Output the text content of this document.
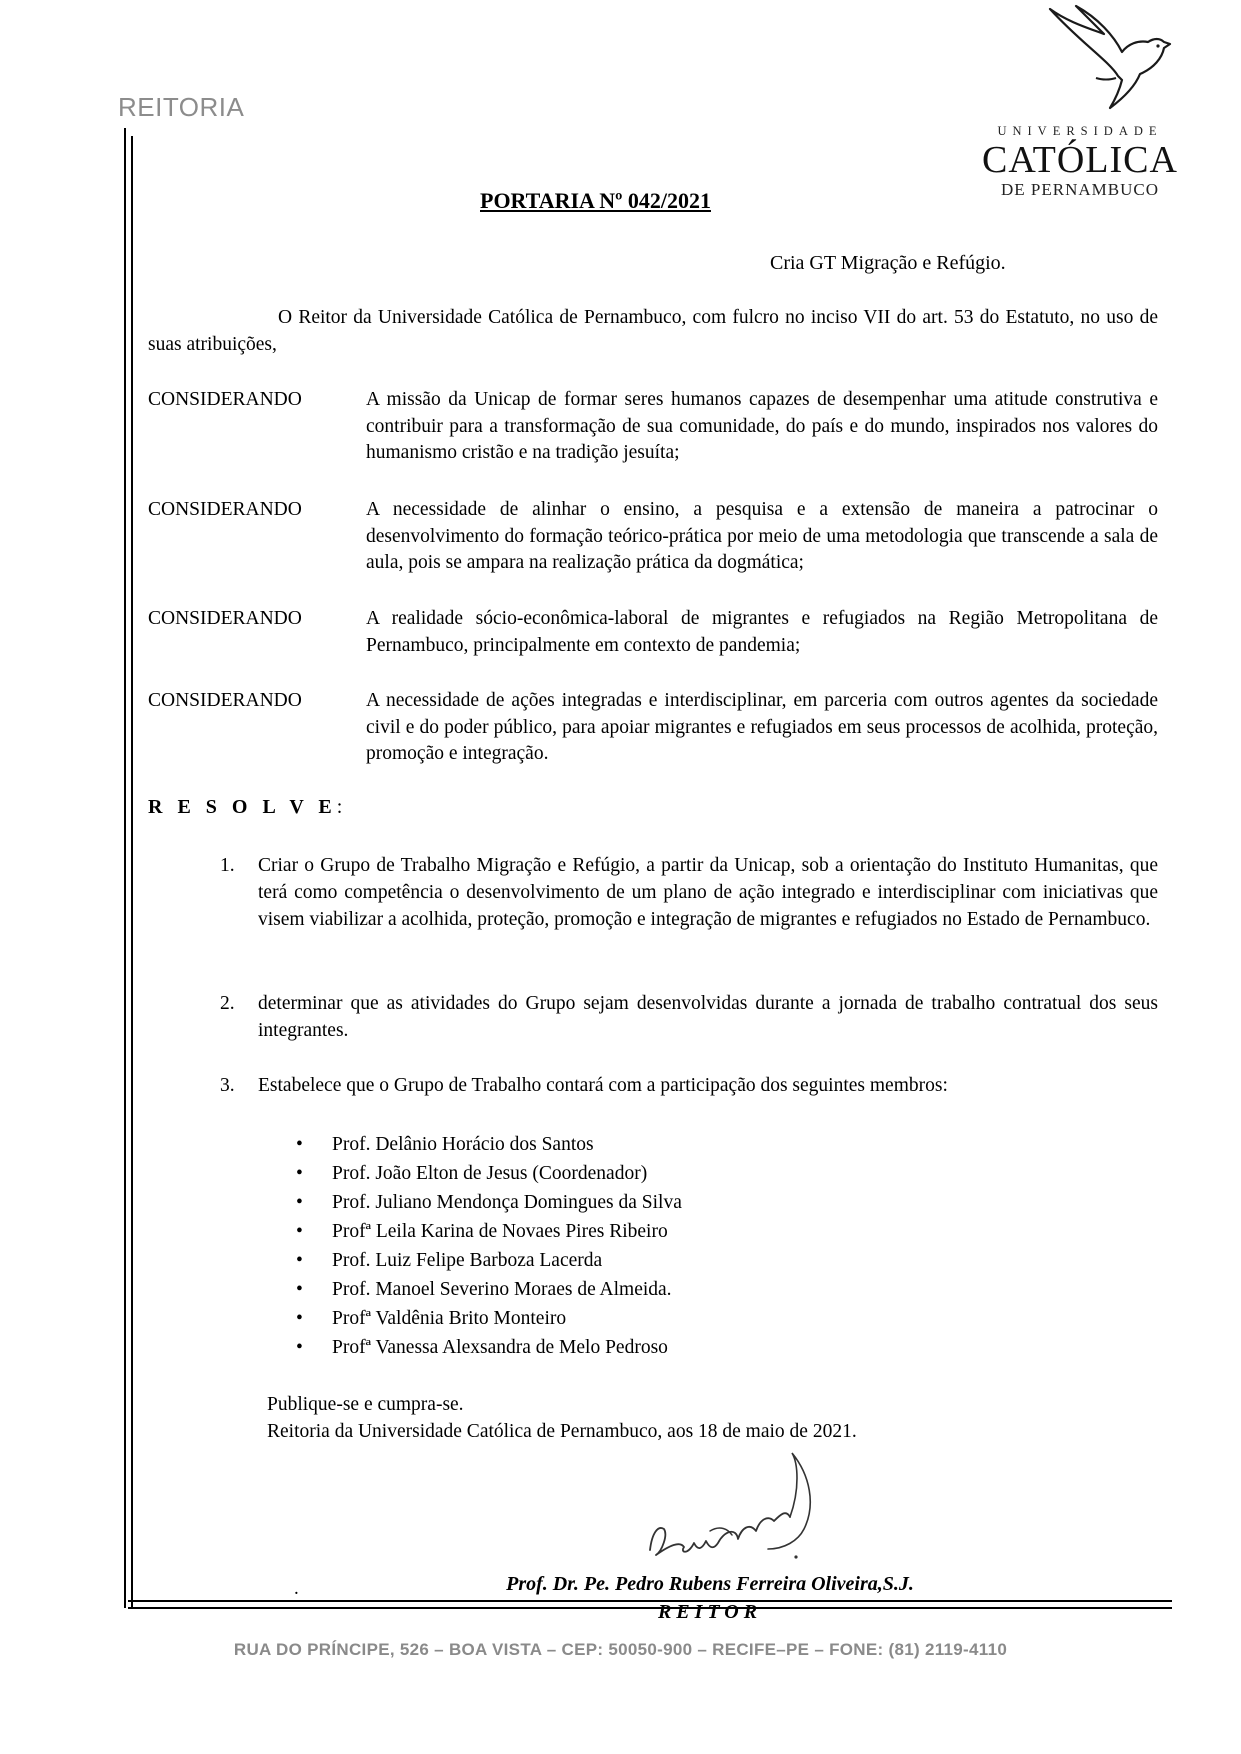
REITORIA
UNIVERSIDADE
CATÓLICA
DE PERNAMBUCO
PORTARIA Nº 042/2021
Cria GT Migração e Refúgio.
O Reitor da Universidade Católica de Pernambuco, com fulcro no inciso VII do art. 53 do Estatuto, no uso de suas atribuições,
CONSIDERANDO	A missão da Unicap de formar seres humanos capazes de desempenhar uma atitude construtiva e contribuir para a transformação de sua comunidade, do país e do mundo, inspirados nos valores do humanismo cristão e na tradição jesuíta;
CONSIDERANDO	A necessidade de alinhar o ensino, a pesquisa e a extensão de maneira a patrocinar o desenvolvimento do formação teórico-prática por meio de uma metodologia que transcende a sala de aula, pois se ampara na realização prática da dogmática;
CONSIDERANDO	A realidade sócio-econômica-laboral de migrantes e refugiados na Região Metropolitana de Pernambuco, principalmente em contexto de pandemia;
CONSIDERANDO	A necessidade de ações integradas e interdisciplinar, em parceria com outros agentes da sociedade civil e do poder público, para apoiar migrantes e refugiados em seus processos de acolhida, proteção, promoção e integração.
R E S O L V E:
1. Criar o Grupo de Trabalho Migração e Refúgio, a partir da Unicap, sob a orientação do Instituto Humanitas, que terá como competência o desenvolvimento de um plano de ação integrado e interdisciplinar com iniciativas que visem viabilizar a acolhida, proteção, promoção e integração de migrantes e refugiados no Estado de Pernambuco.
2. determinar que as atividades do Grupo sejam desenvolvidas durante a jornada de trabalho contratual dos seus integrantes.
3. Estabelece que o Grupo de Trabalho contará com a participação dos seguintes membros:
• Prof. Delânio Horácio dos Santos
• Prof. João Elton de Jesus (Coordenador)
• Prof. Juliano Mendonça Domingues da Silva
• Profª Leila Karina de Novaes Pires Ribeiro
• Prof. Luiz Felipe Barboza Lacerda
• Prof. Manoel Severino Moraes de Almeida.
• Profª Valdênia Brito Monteiro
• Profª Vanessa Alexsandra de Melo Pedroso
Publique-se e cumpra-se.
Reitoria da Universidade Católica de Pernambuco, aos 18 de maio de 2021.
.	Prof. Dr. Pe. Pedro Rubens Ferreira Oliveira,S.J.
REITOR
RUA DO PRÍNCIPE, 526 – BOA VISTA – CEP: 50050-900 – RECIFE–PE – FONE: (81) 2119-4110
